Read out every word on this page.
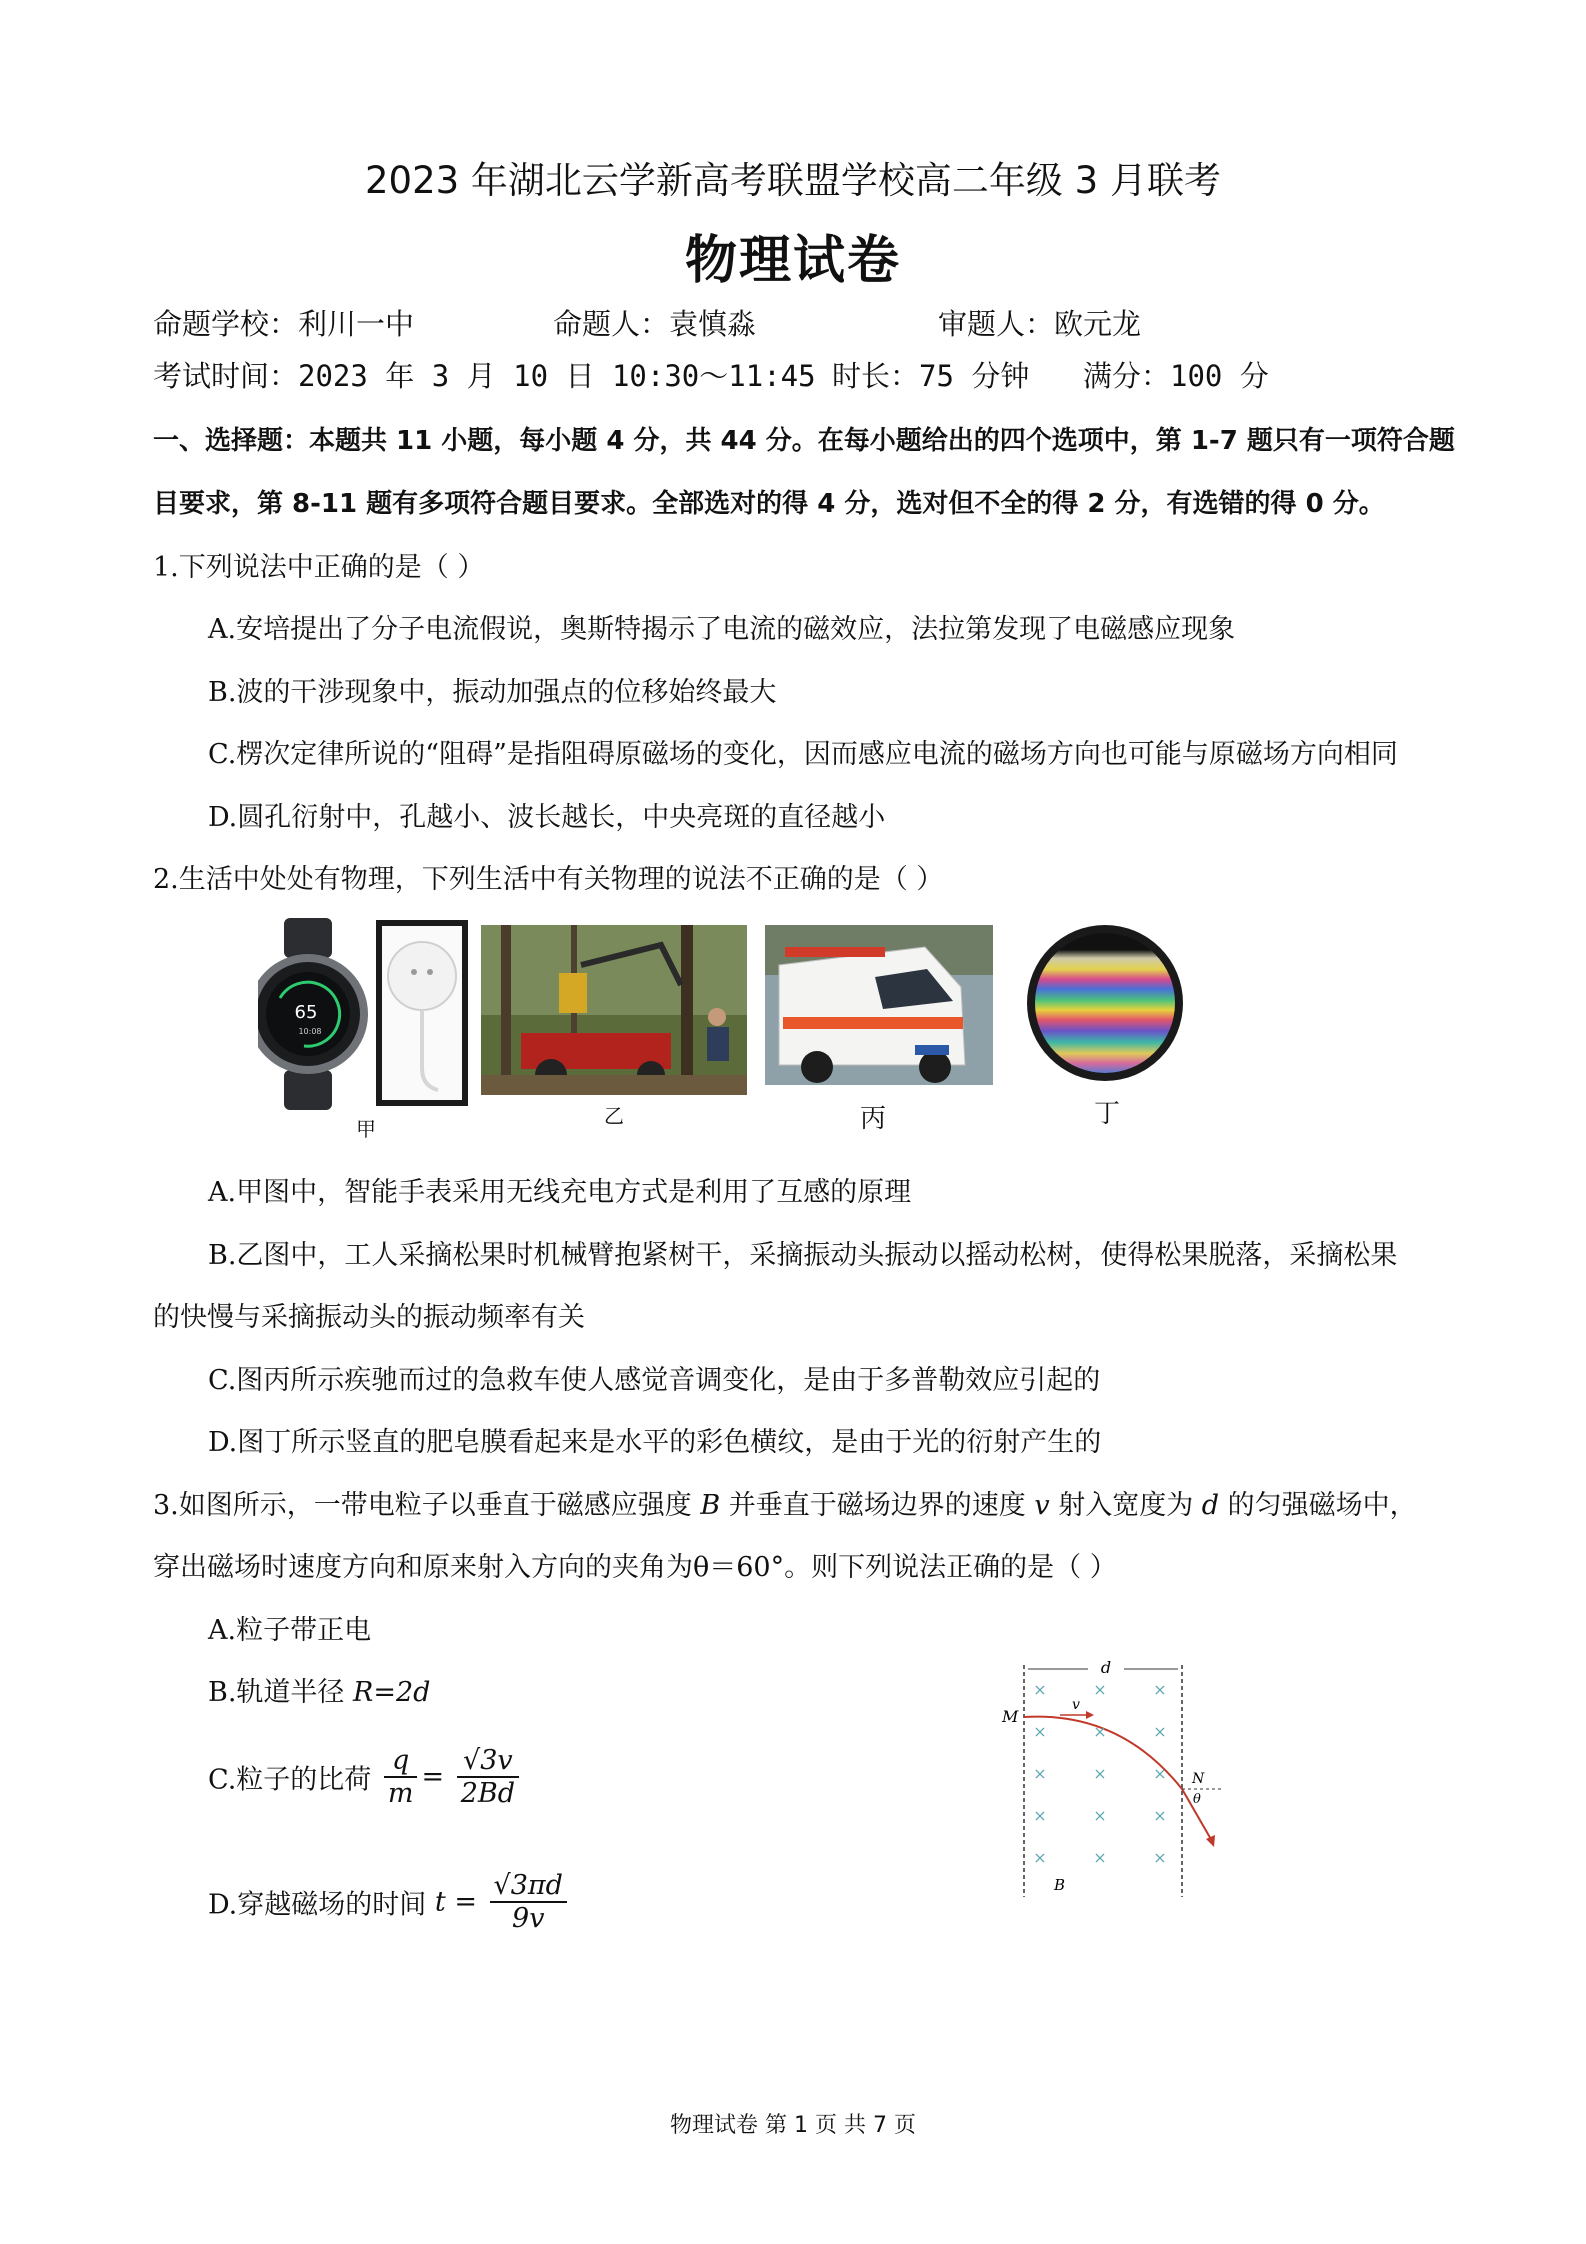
2023 年湖北云学新高考联盟学校高二年级 3 月联考
物理试卷
命题学校：利川一中	命题人：袁慎淼	审题人：欧元龙
考试时间：2023 年 3 月 10 日 10:30～11:45 时长：75 分钟 满分：100 分
一、选择题：本题共 11 小题，每小题 4 分，共 44 分。在每小题给出的四个选项中，第 1-7 题只有一项符合题
目要求，第 8-11 题有多项符合题目要求。全部选对的得 4 分，选对但不全的得 2 分，有选错的得 0 分。
1.下列说法中正确的是（ ）
A.安培提出了分子电流假说，奥斯特揭示了电流的磁效应，法拉第发现了电磁感应现象
B.波的干涉现象中，振动加强点的位移始终最大
C.楞次定律所说的“阻碍”是指阻碍原磁场的变化，因而感应电流的磁场方向也可能与原磁场方向相同
D.圆孔衍射中，孔越小、波长越长，中央亮斑的直径越小
2.生活中处处有物理，下列生活中有关物理的说法不正确的是（ ）
65
10:08
甲
乙	丙	丁
A.甲图中，智能手表采用无线充电方式是利用了互感的原理
B.乙图中，工人采摘松果时机械臂抱紧树干，采摘振动头振动以摇动松树，使得松果脱落，采摘松果
的快慢与采摘振动头的振动频率有关
C.图丙所示疾驰而过的急救车使人感觉音调变化，是由于多普勒效应引起的
D.图丁所示竖直的肥皂膜看起来是水平的彩色横纹，是由于光的衍射产生的
3.如图所示，一带电粒子以垂直于磁感应强度 B 并垂直于磁场边界的速度 v 射入宽度为 d 的匀强磁场中，
穿出磁场时速度方向和原来射入方向的夹角为θ＝60°。则下列说法正确的是（ ）
A.粒子带正电
B.轨道半径 R=2d
C.粒子的比荷 $\frac{q}{m} = \frac{√3v}{2Bd}$
D.穿越磁场的时间 $t = \frac{√3\pi d}{9v}$
d
M
v
N
θ
B
×	×	×
×	×	×
×	×	×
×	×	×
×	×	×
物理试卷 第 1 页 共 7 页
